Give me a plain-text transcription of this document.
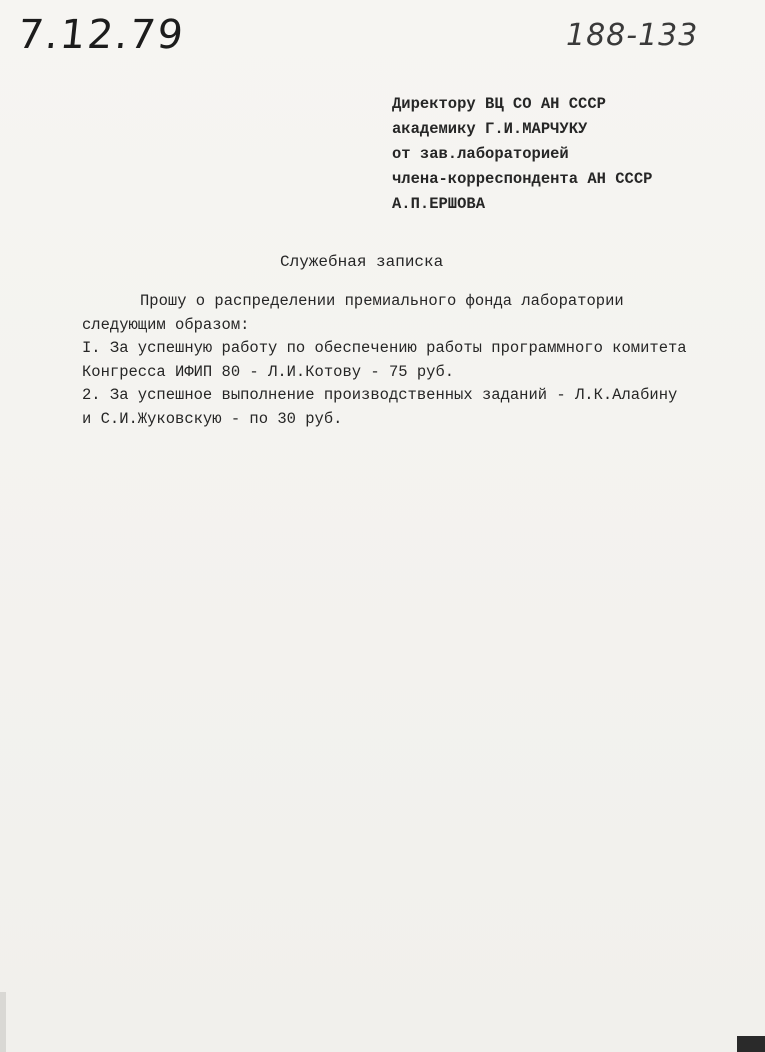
7.12.79	188-133
Директору ВЦ СО АН СССР
академику Г.И.МАРЧУКУ
от зав.лабораторией
члена-корреспондента АН СССР
А.П.ЕРШОВА
Служебная записка
Прошу о распределении премиального фонда лаборатории
следующим образом:
I. За успешную работу по обеспечению работы программного комитета
Конгресса ИФИП 80 - Л.И.Котову - 75 руб.
2. За успешное выполнение производственных заданий - Л.К.Алабину
и С.И.Жуковскую - по 30 руб.
